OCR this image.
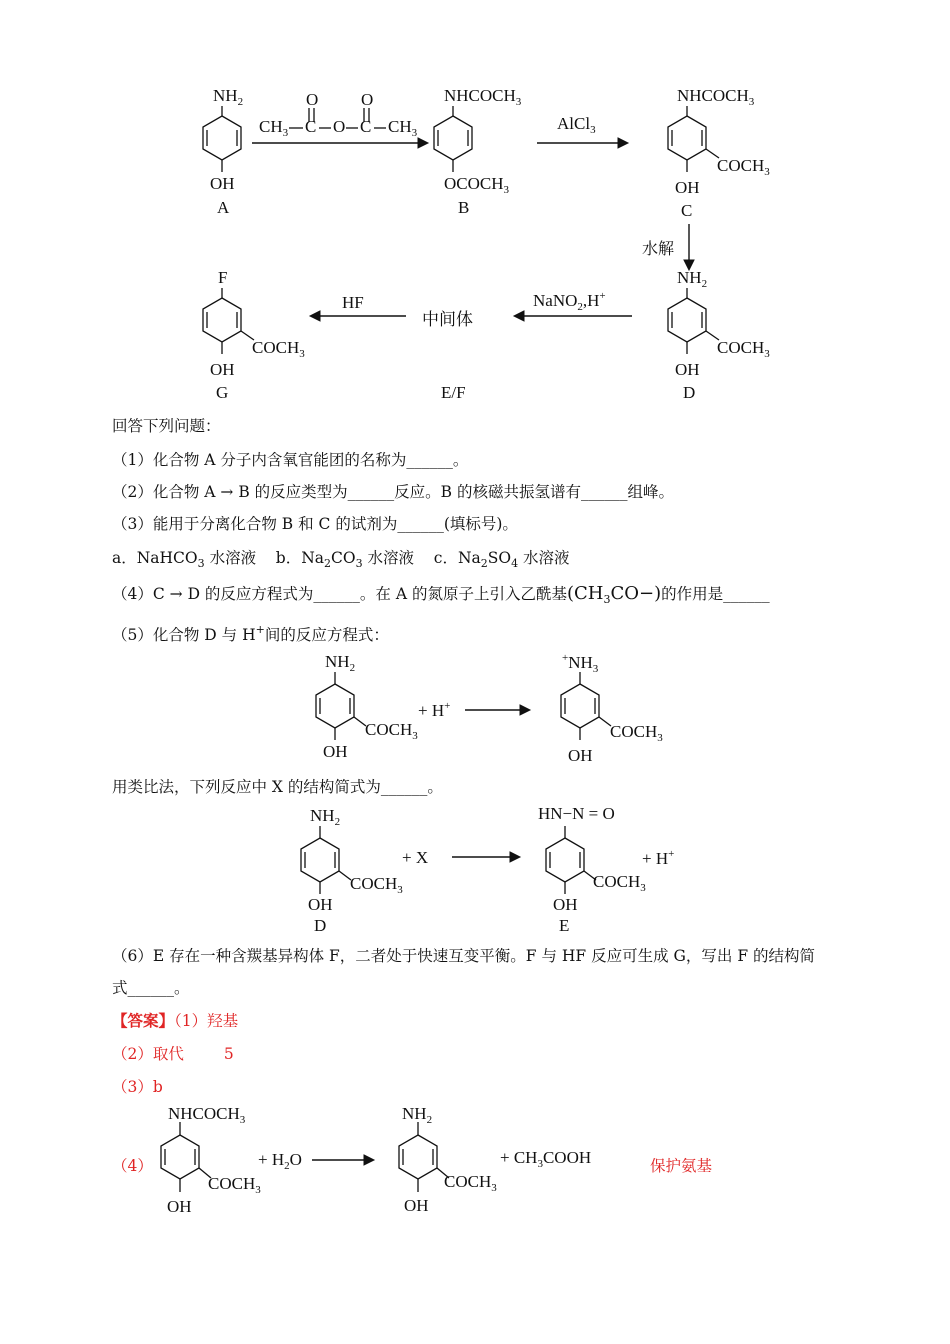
$NH_2$
OH
A
O	O
$CH_3$ C O C $CH_3$
$NHCOCH_3$
$OCOCH_3$
B
AlCl$_3$
$NHCOCH_3$
$COCH_3$
OH
C
水解
$NH_2$
$COCH_3$
OH
D
NaNO$_2$,H+
中间体
E/F
HF
F
$COCH_3$
OH
G
回答下列问题：
（1）化合物 A 分子内含氧官能团的名称为______。
（2）化合物 A → B 的反应类型为______反应。B 的核磁共振氢谱有______组峰。
（3）能用于分离化合物 B 和 C 的试剂为______(填标号)。
a．NaHCO$_3$ 水溶液 b．$Na_2CO_3$ 水溶液 c．$Na_2SO_4$ 水溶液
（4）C → D 的反应方程式为______。在 A 的氮原子上引入乙酰基$(CH_3CO-)$的作用是______
（5）化合物 D 与 H+间的反应方程式：
$NH_2$
$COCH_3$
OH
+ H+
$^+NH_3$
$COCH_3$
OH
用类比法，下列反应中 X 的结构简式为______。
$NH_2$
$COCH_3$
OH
D
+ X
HN−N = O
$COCH_3$
OH
E
+ H+
（6）E 存在一种含羰基异构体 F，二者处于快速互变平衡。F 与 HF 反应可生成 G，写出 F 的结构简
式______。
【答案】（1）羟基
（2）取代	5
（3）b
（4）
$NHCOCH_3$
$COCH_3$
OH
+ $H_2O$
$NH_2$
$COCH_3$
OH
+ $CH_3COOH$	保护氨基
